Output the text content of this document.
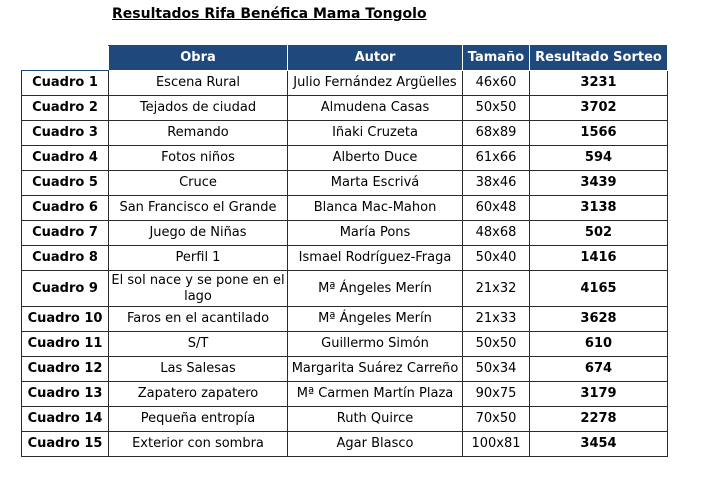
Resultados Rifa Benéfica Mama Tongolo
	Obra	Autor	Tamaño	Resultado Sorteo
Cuadro 1	Escena Rural	Julio Fernández Argüelles	46x60	3231
Cuadro 2	Tejados de ciudad	Almudena Casas	50x50	3702
Cuadro 3	Remando	Iñaki Cruzeta	68x89	1566
Cuadro 4	Fotos niños	Alberto Duce	61x66	594
Cuadro 5	Cruce	Marta Escrivá	38x46	3439
Cuadro 6	San Francisco el Grande	Blanca Mac-Mahon	60x48	3138
Cuadro 7	Juego de Niñas	María Pons	48x68	502
Cuadro 8	Perfil 1	Ismael Rodríguez-Fraga	50x40	1416
Cuadro 9	El sol nace y se pone en el lago	Mª Ángeles Merín	21x32	4165
Cuadro 10	Faros en el acantilado	Mª Ángeles Merín	21x33	3628
Cuadro 11	S/T	Guillermo Simón	50x50	610
Cuadro 12	Las Salesas	Margarita Suárez Carreño	50x34	674
Cuadro 13	Zapatero zapatero	Mª Carmen Martín Plaza	90x75	3179
Cuadro 14	Pequeña entropía	Ruth Quirce	70x50	2278
Cuadro 15	Exterior con sombra	Agar Blasco	100x81	3454
